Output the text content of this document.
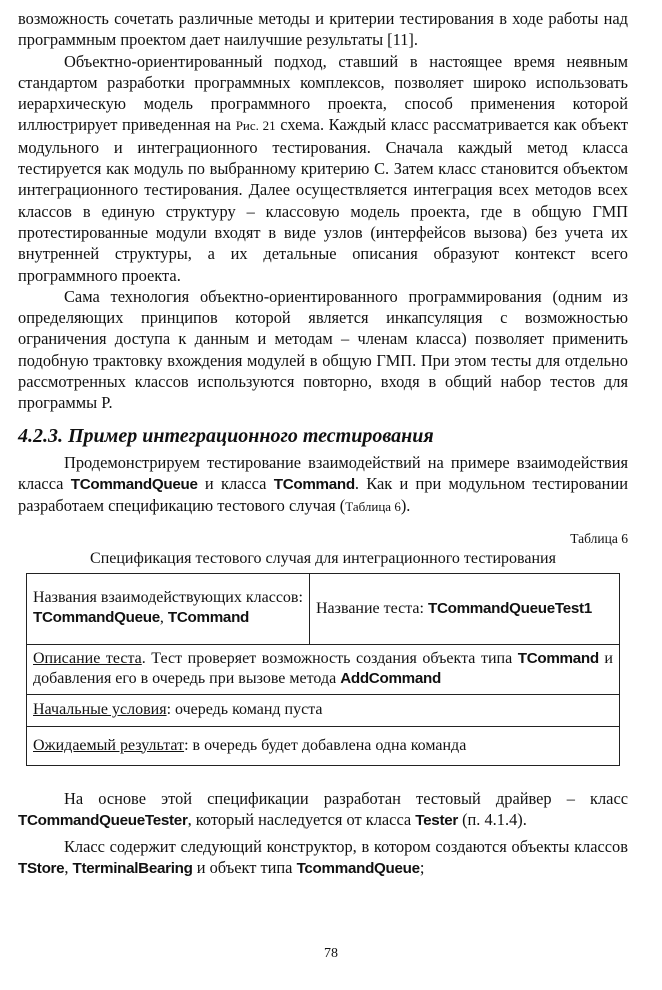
возможность сочетать различные методы и критерии тестирования в ходе работы над программным проектом дает наилучшие результаты [11].

Объектно-ориентированный подход, ставший в настоящее время неявным стандартом разработки программных комплексов, позволяет широко использовать иерархическую модель программного проекта, способ применения которой иллюстрирует приведенная на Рис. 21 схема. Каждый класс рассматривается как объект модульного и интеграционного тестирования. Сначала каждый метод класса тестируется как модуль по выбранному критерию C. Затем класс становится объектом интеграционного тестирования. Далее осуществляется интеграция всех методов всех классов в единую структуру – классовую модель проекта, где в общую ГМП протестированные модули входят в виде узлов (интерфейсов вызова) без учета их внутренней структуры, а их детальные описания образуют контекст всего программного проекта.

Сама технология объектно-ориентированного программирования (одним из определяющих принципов которой является инкапсуляция с возможностью ограничения доступа к данным и методам – членам класса) позволяет применить подобную трактовку вхождения модулей в общую ГМП. При этом тесты для отдельно рассмотренных классов используются повторно, входя в общий набор тестов для программы P.

4.2.3. Пример интеграционного тестирования

Продемонстрируем тестирование взаимодействий на примере взаимодействия класса TCommandQueue и класса TCommand. Как и при модульном тестировании разработаем спецификацию тестового случая (Таблица 6).

Таблица 6
Спецификация тестового случая для интеграционного тестирования
Названия взаимодействующих классов:
TCommandQueue, TCommand
	Название теста: TCommandQueueTest1
Описание теста. Тест проверяет возможность создания объекта типа TCommand и добавления его в очередь при вызове метода AddCommand
Начальные условия: очередь команд пуста
Ожидаемый результат: в очередь будет добавлена одна команда

На основе этой спецификации разработан тестовый драйвер – класс TCommandQueueTester, который наследуется от класса Tester (п. 4.1.4).

Класс содержит следующий конструктор, в котором создаются объекты классов TStore, TterminalBearing и объект типа TcommandQueue;

78
